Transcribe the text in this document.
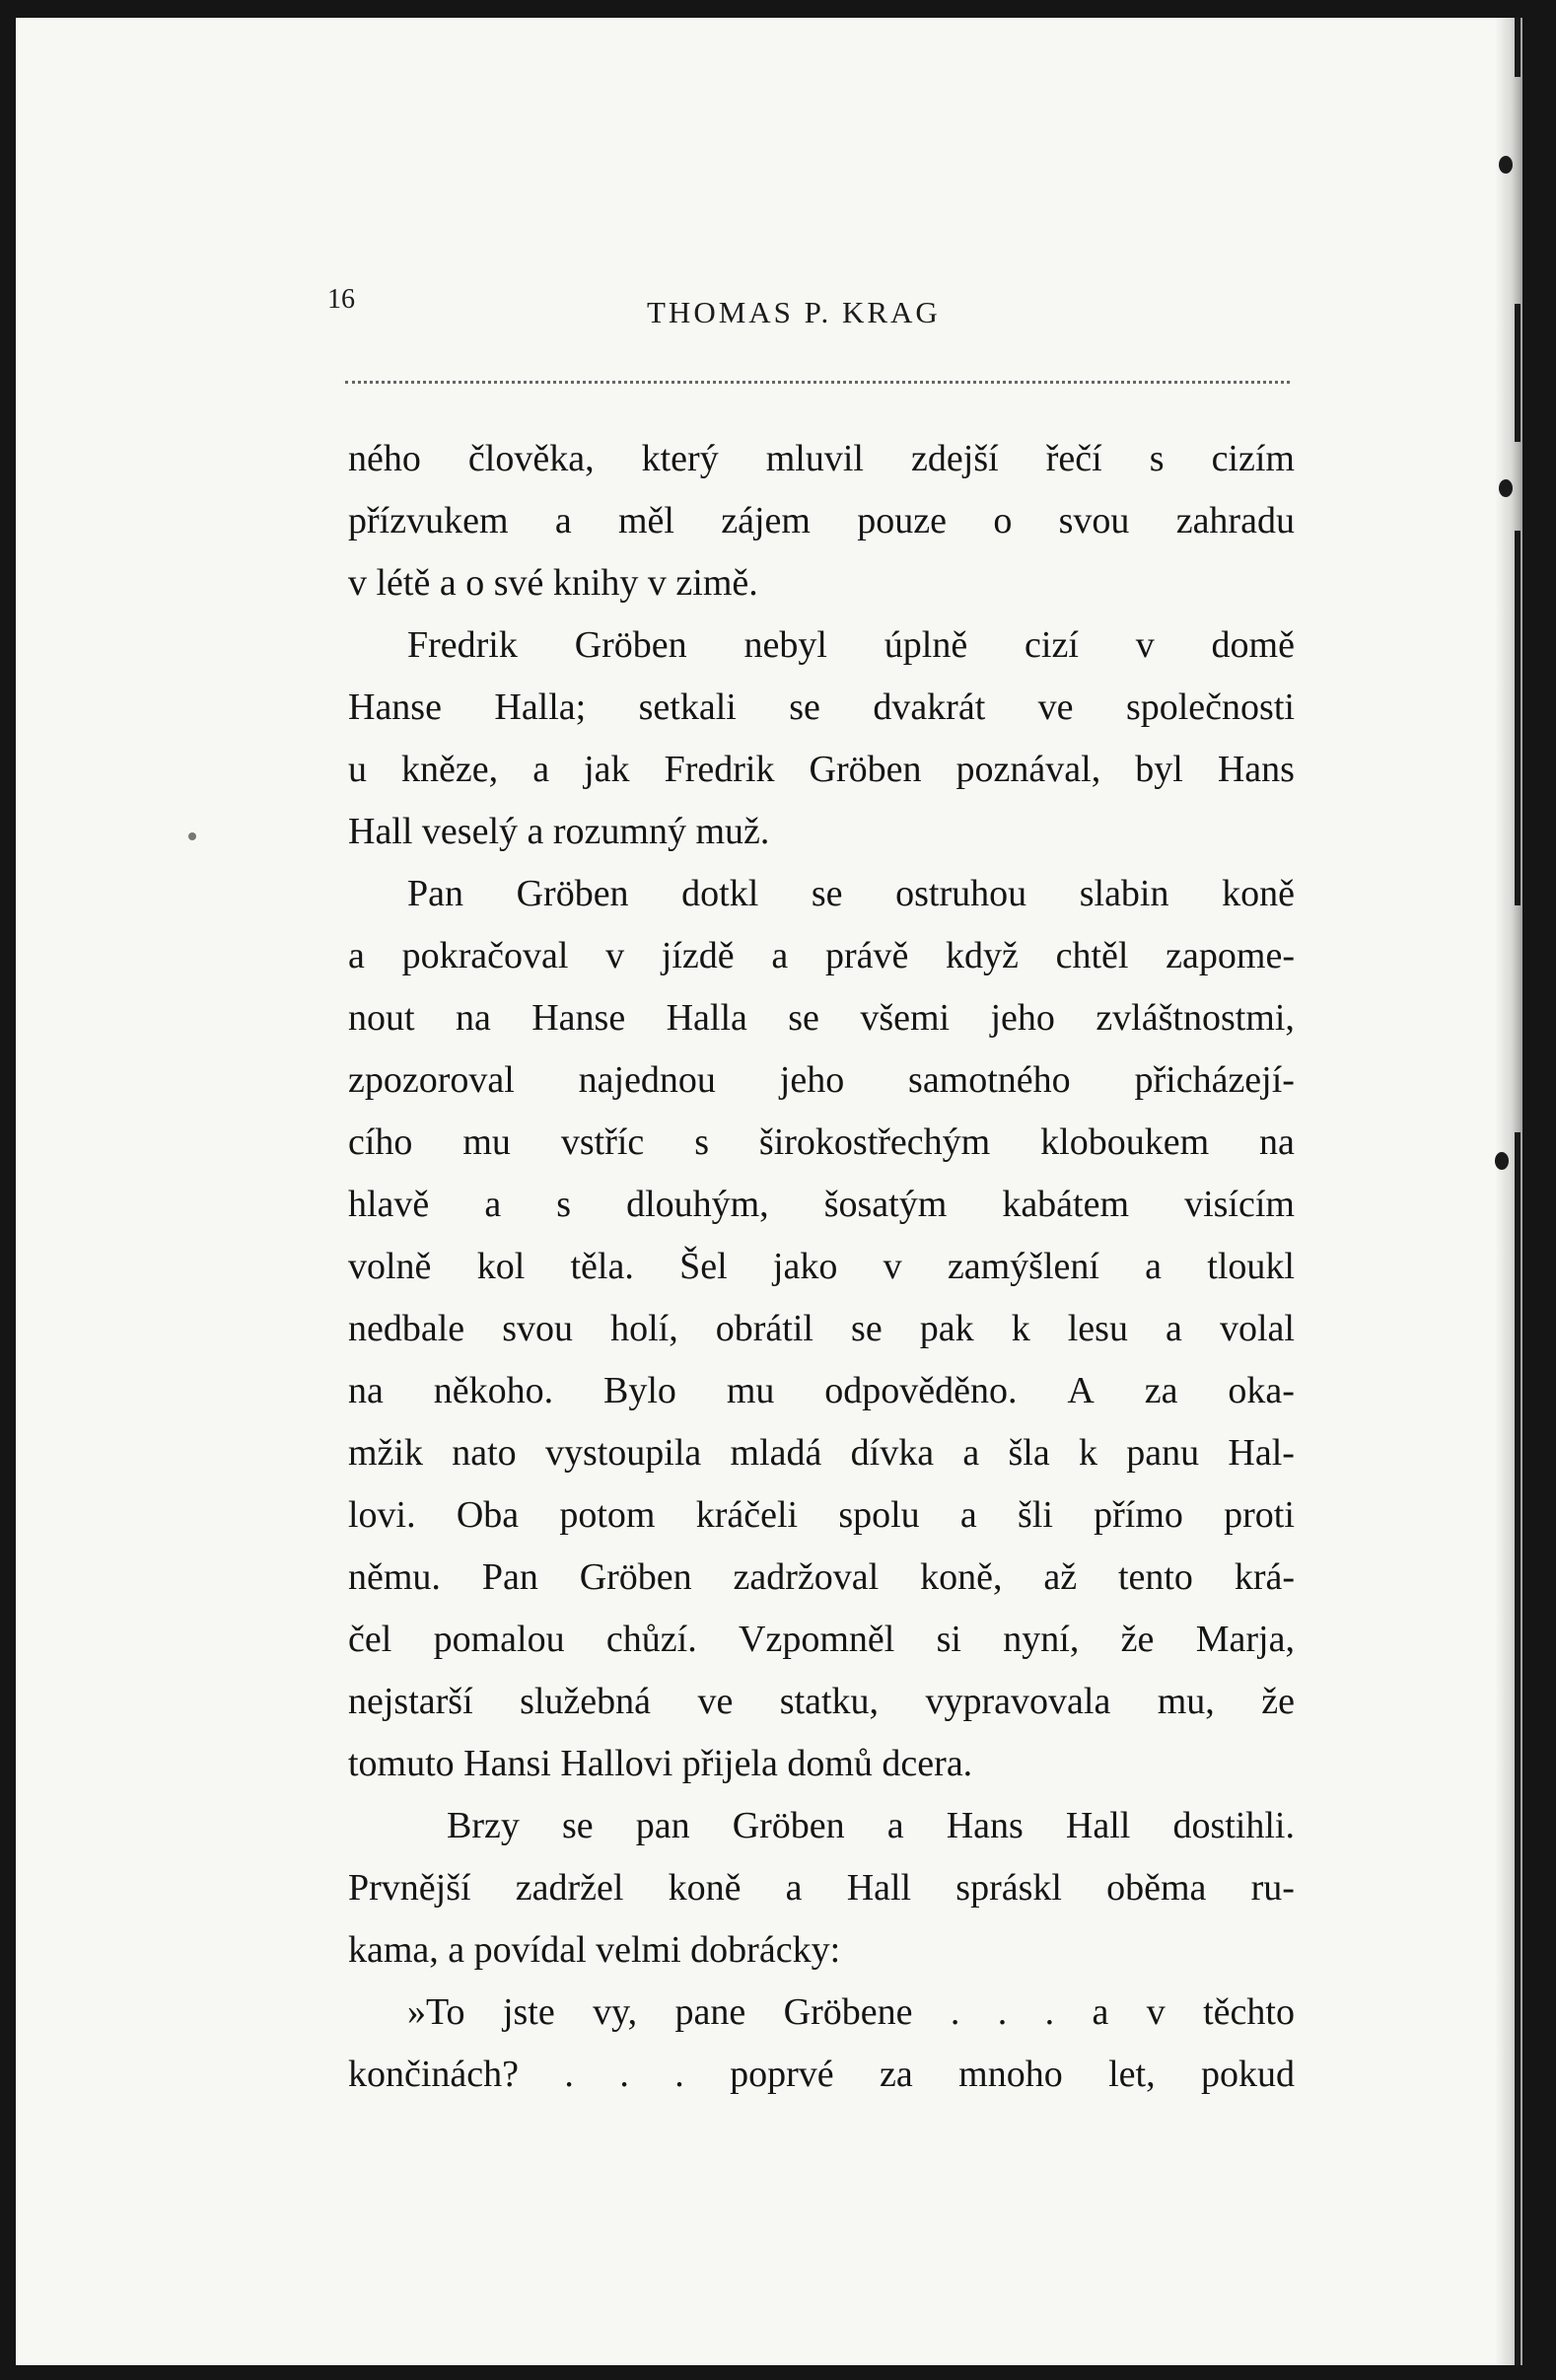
16	THOMAS P. KRAG
ného člověka, který mluvil zdejší řečí s cizím
přízvukem a měl zájem pouze o svou zahradu
v létě a o své knihy v zimě.
Fredrik Gröben nebyl úplně cizí v domě
Hanse Halla; setkali se dvakrát ve společnosti
u kněze, a jak Fredrik Gröben poznával, byl Hans
Hall veselý a rozumný muž.
Pan Gröben dotkl se ostruhou slabin koně
a pokračoval v jízdě a právě když chtěl zapome-
nout na Hanse Halla se všemi jeho zvláštnostmi,
zpozoroval najednou jeho samotného přicházejí-
cího mu vstříc s širokostřechým kloboukem na
hlavě a s dlouhým, šosatým kabátem visícím
volně kol těla. Šel jako v zamýšlení a tloukl
nedbale svou holí, obrátil se pak k lesu a volal
na někoho. Bylo mu odpověděno. A za oka-
mžik nato vystoupila mladá dívka a šla k panu Hal-
lovi. Oba potom kráčeli spolu a šli přímo proti
němu. Pan Gröben zadržoval koně, až tento krá-
čel pomalou chůzí. Vzpomněl si nyní, že Marja,
nejstarší služebná ve statku, vypravovala mu, že
tomuto Hansi Hallovi přijela domů dcera.
Brzy se pan Gröben a Hans Hall dostihli.
Prvnější zadržel koně a Hall spráskl oběma ru-
kama, a povídal velmi dobrácky:
»To jste vy, pane Gröbene . . . a v těchto
končinách? . . . poprvé za mnoho let, pokud
